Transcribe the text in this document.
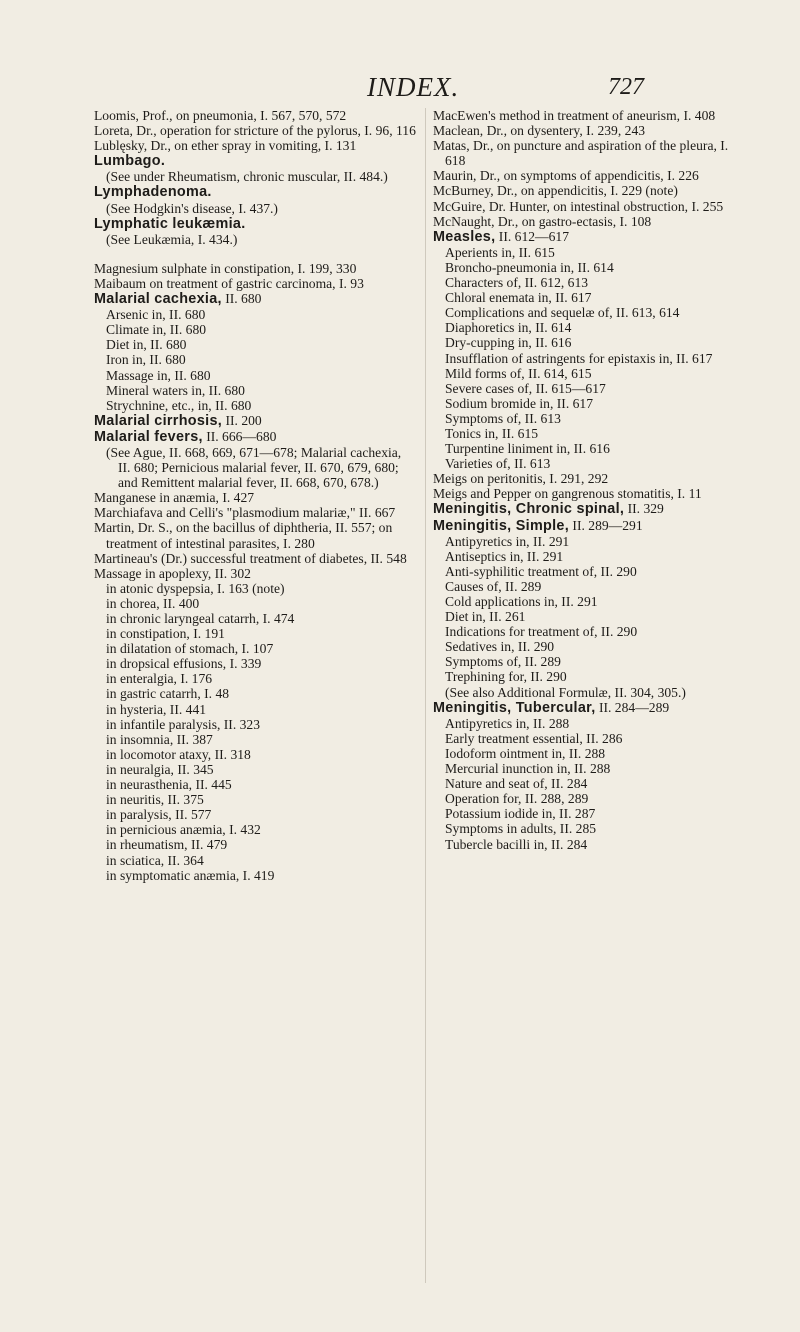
INDEX.	727
Loomis, Prof., on pneumonia, I. 567, 570, 572
Loreta, Dr., operation for stricture of the pylorus, I. 96, 116
Lublęsky, Dr., on ether spray in vomiting, I. 131
Lumbago.
(See under Rheumatism, chronic muscular, II. 484.)
Lymphadenoma.
(See Hodgkin's disease, I. 437.)
Lymphatic leukæmia.
(See Leukæmia, I. 434.)
Magnesium sulphate in constipation, I. 199, 330
Maibaum on treatment of gastric carcinoma, I. 93
Malarial cachexia, II. 680
Arsenic in, II. 680
Climate in, II. 680
Diet in, II. 680
Iron in, II. 680
Massage in, II. 680
Mineral waters in, II. 680
Strychnine, etc., in, II. 680
Malarial cirrhosis, II. 200
Malarial fevers, II. 666—680
(See Ague, II. 668, 669, 671—678; Malarial cachexia, II. 680; Pernicious malarial fever, II. 670, 679, 680; and Remittent malarial fever, II. 668, 670, 678.)
Manganese in anæmia, I. 427
Marchiafava and Celli's "plasmodium malariæ," II. 667
Martin, Dr. S., on the bacillus of diphtheria, II. 557; on treatment of intestinal parasites, I. 280
Martineau's (Dr.) successful treatment of diabetes, II. 548
Massage in apoplexy, II. 302
in atonic dyspepsia, I. 163 (note)
in chorea, II. 400
in chronic laryngeal catarrh, I. 474
in constipation, I. 191
in dilatation of stomach, I. 107
in dropsical effusions, I. 339
in enteralgia, I. 176
in gastric catarrh, I. 48
in hysteria, II. 441
in infantile paralysis, II. 323
in insomnia, II. 387
in locomotor ataxy, II. 318
in neuralgia, II. 345
in neurasthenia, II. 445
in neuritis, II. 375
in paralysis, II. 577
in pernicious anæmia, I. 432
in rheumatism, II. 479
in sciatica, II. 364
in symptomatic anæmia, I. 419
MacEwen's method in treatment of aneurism, I. 408
Maclean, Dr., on dysentery, I. 239, 243
Matas, Dr., on puncture and aspiration of the pleura, I. 618
Maurin, Dr., on symptoms of appendicitis, I. 226
McBurney, Dr., on appendicitis, I. 229 (note)
McGuire, Dr. Hunter, on intestinal obstruction, I. 255
McNaught, Dr., on gastro-ectasis, I. 108
Measles, II. 612—617
Aperients in, II. 615
Broncho-pneumonia in, II. 614
Characters of, II. 612, 613
Chloral enemata in, II. 617
Complications and sequelæ of, II. 613, 614
Diaphoretics in, II. 614
Dry-cupping in, II. 616
Insufflation of astringents for epistaxis in, II. 617
Mild forms of, II. 614, 615
Severe cases of, II. 615—617
Sodium bromide in, II. 617
Symptoms of, II. 613
Tonics in, II. 615
Turpentine liniment in, II. 616
Varieties of, II. 613
Meigs on peritonitis, I. 291, 292
Meigs and Pepper on gangrenous stomatitis, I. 11
Meningitis, Chronic spinal, II. 329
Meningitis, Simple, II. 289—291
Antipyretics in, II. 291
Antiseptics in, II. 291
Anti-syphilitic treatment of, II. 290
Causes of, II. 289
Cold applications in, II. 291
Diet in, II. 261
Indications for treatment of, II. 290
Sedatives in, II. 290
Symptoms of, II. 289
Trephining for, II. 290
(See also Additional Formulæ, II. 304, 305.)
Meningitis, Tubercular, II. 284—289
Antipyretics in, II. 288
Early treatment essential, II. 286
Iodoform ointment in, II. 288
Mercurial inunction in, II. 288
Nature and seat of, II. 284
Operation for, II. 288, 289
Potassium iodide in, II. 287
Symptoms in adults, II. 285
Tubercle bacilli in, II. 284
